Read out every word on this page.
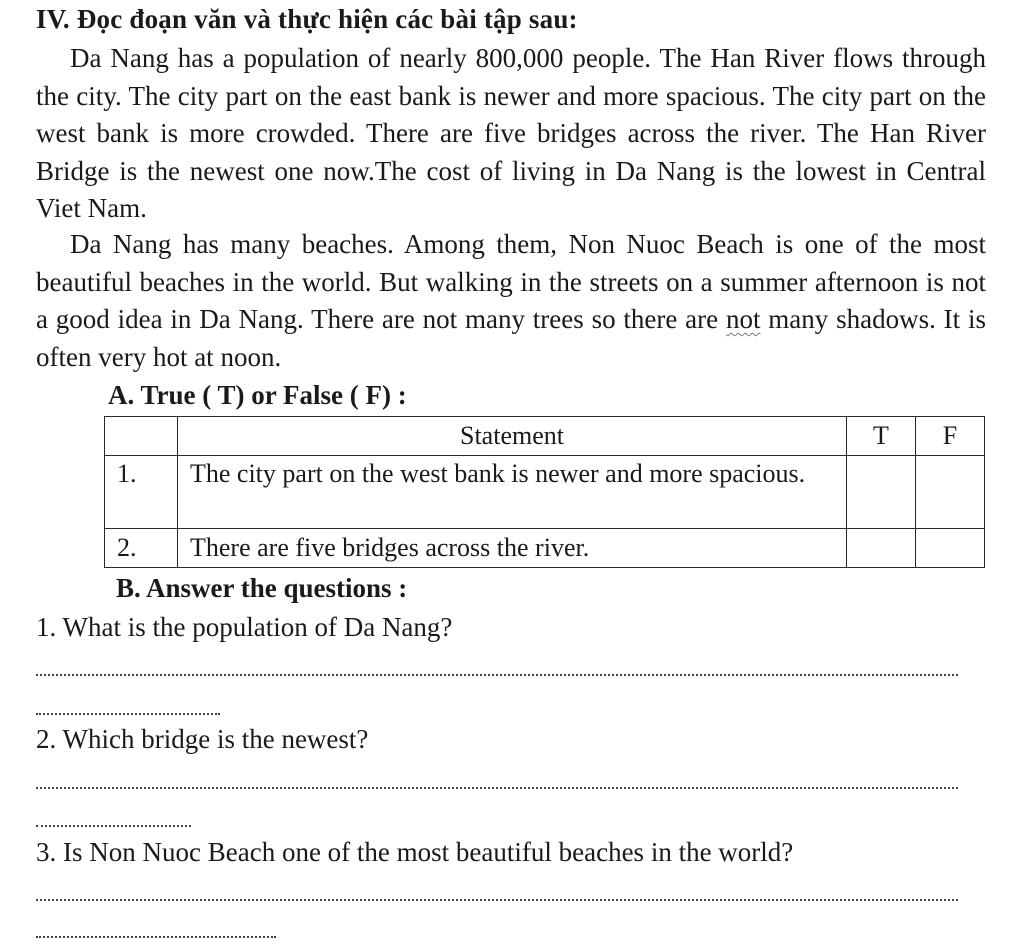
IV. Đọc đoạn văn và thực hiện các bài tập sau:
Da Nang has a population of nearly 800,000 people. The Han River flows through the city. The city part on the east bank is newer and more spacious. The city part on the west bank is more crowded. There are five bridges across the river. The Han River Bridge is the newest one now.The cost of living in Da Nang is the lowest in Central Viet Nam.
Da Nang has many beaches. Among them, Non Nuoc Beach is one of the most beautiful beaches in the world. But walking in the streets on a summer afternoon is not a good idea in Da Nang. There are not many trees so there are not many shadows. It is often very hot at noon.
A. True ( T) or False ( F) :
	Statement	T	F
1.	The city part on the west bank is newer and more spacious.		
2.	There are five bridges across the river.		
B. Answer the questions :
1. What is the population of Da Nang?
2. Which bridge is the newest?
3. Is Non Nuoc Beach one of the most beautiful beaches in the world?
